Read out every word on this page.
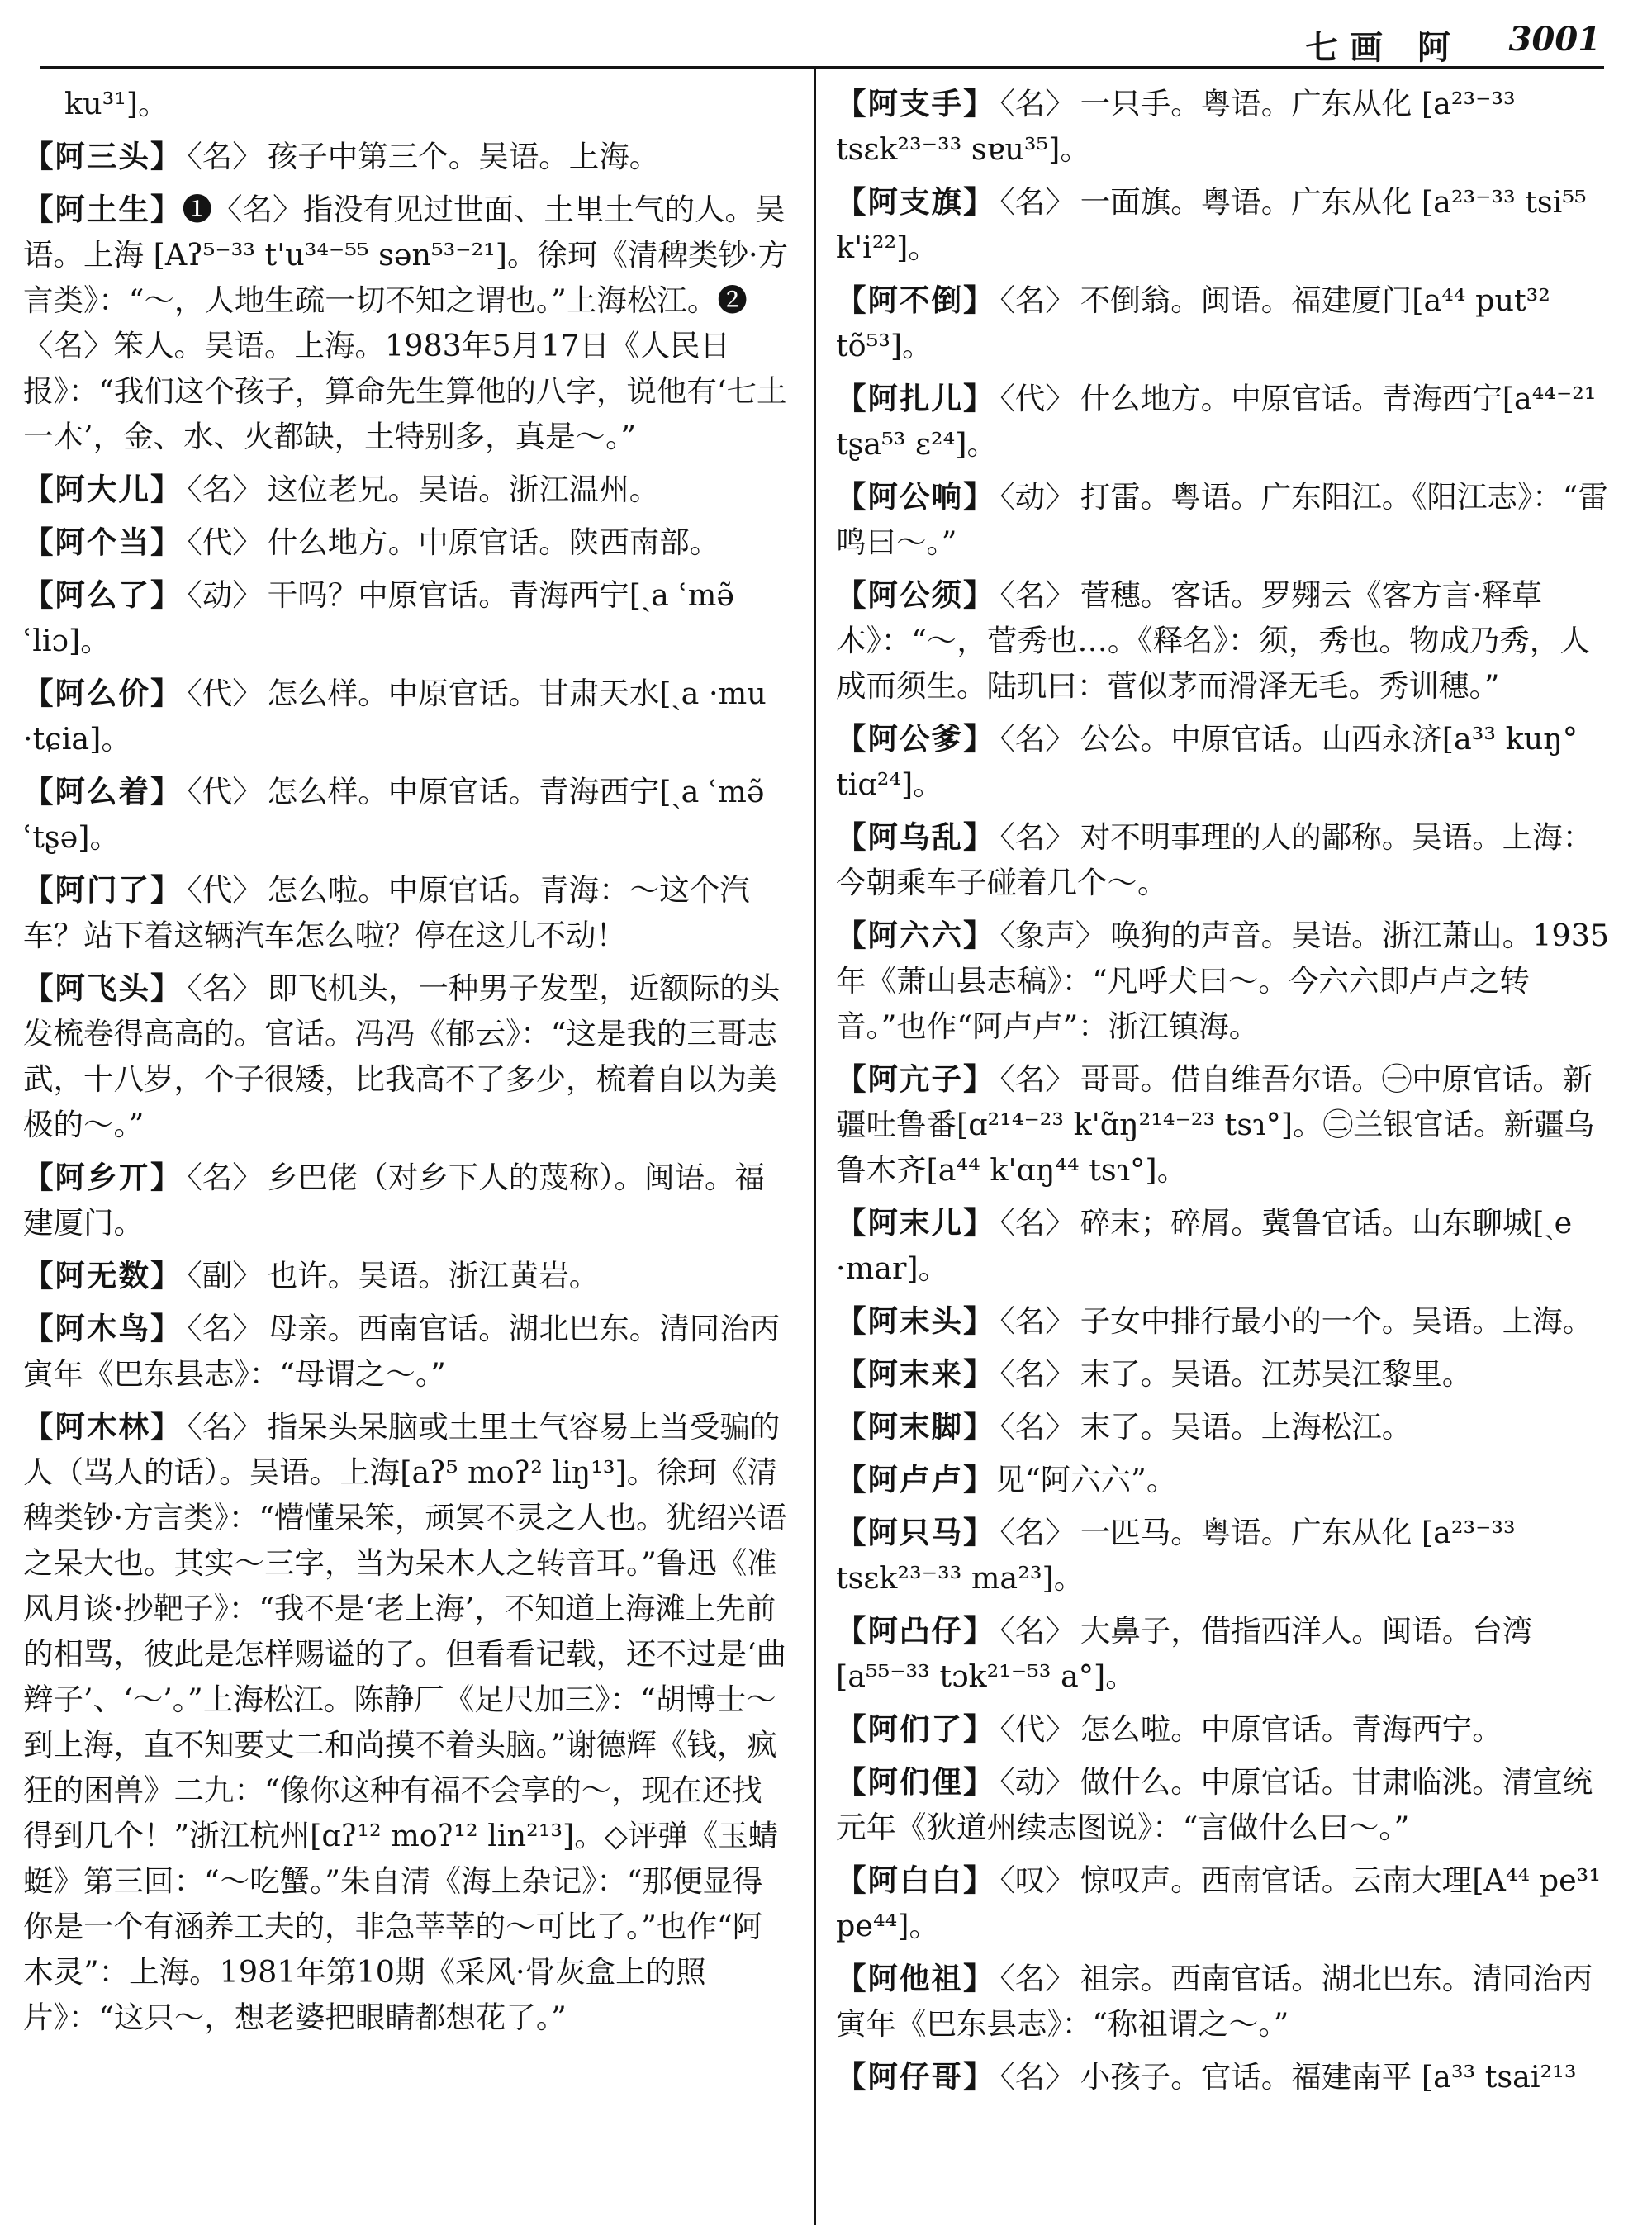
七画 阿 3001
ku³¹]。
【阿三头】 〈名〉 孩子中第三个。吴语。上海。
【阿土生】❶〈名〉指没有见过世面、土里土气的人。吴语。上海 [Aʔ⁵⁻³³ t'u³⁴⁻⁵⁵ sən⁵³⁻²¹]。徐珂《清稗类钞·方言类》：“～，人地生疏一切不知之谓也。”上海松江。❷〈名〉笨人。吴语。上海。1983年5月17日《人民日报》：“我们这个孩子，算命先生算他的八字，说他有‘七土一木’，金、水、火都缺，土特别多，真是～。”
【阿大儿】 〈名〉 这位老兄。吴语。浙江温州。
【阿个当】 〈代〉 什么地方。中原官话。陕西南部。
【阿么了】 〈动〉 干吗？中原官话。青海西宁[ˏa ʿmə̃ ʿliɔ]。
【阿么价】 〈代〉 怎么样。中原官话。甘肃天水[ˏa ·mu ·tɕia]。
【阿么着】 〈代〉 怎么样。中原官话。青海西宁[ˏa ʿmə̃ ʿtʂə]。
【阿门了】 〈代〉 怎么啦。中原官话。青海：～这个汽车？站下着这辆汽车怎么啦？停在这儿不动！
【阿飞头】 〈名〉 即飞机头，一种男子发型，近额际的头发梳卷得高高的。官话。冯冯《郁云》：“这是我的三哥志武，十八岁，个子很矮，比我高不了多少，梳着自以为美极的～。”
【阿乡丌】 〈名〉 乡巴佬（对乡下人的蔑称）。闽语。福建厦门。
【阿无数】 〈副〉 也许。吴语。浙江黄岩。
【阿木鸟】 〈名〉 母亲。西南官话。湖北巴东。清同治丙寅年《巴东县志》：“母谓之～。”
【阿木林】 〈名〉 指呆头呆脑或土里土气容易上当受骗的人（骂人的话）。吴语。上海[aʔ⁵ moʔ² liŋ¹³]。徐珂《清稗类钞·方言类》：“懵懂呆笨，顽冥不灵之人也。犹绍兴语之呆大也。其实～三字，当为呆木人之转音耳。”鲁迅《准风月谈·抄靶子》：“我不是‘老上海’，不知道上海滩上先前的相骂，彼此是怎样赐谥的了。但看看记载，还不过是‘曲辫子’、‘～’。”上海松江。陈静厂《足尺加三》：“胡博士～到上海，直不知要丈二和尚摸不着头脑。”谢德辉《钱，疯狂的困兽》二九：“像你这种有福不会享的～，现在还找得到几个！”浙江杭州[ɑʔ¹² moʔ¹² lin²¹³]。◇评弹《玉蜻蜓》第三回：“～吃蟹。”朱自清《海上杂记》：“那便显得你是一个有涵养工夫的，非急莘莘的～可比了。”也作“阿木灵”：上海。1981年第10期《采风·骨灰盒上的照片》：“这只～，想老婆把眼睛都想花了。”
【阿支手】 〈名〉 一只手。粤语。广东从化 [a²³⁻³³ tsɛk²³⁻³³ sɐu³⁵]。
【阿支旗】 〈名〉 一面旗。粤语。广东从化 [a²³⁻³³ tsi⁵⁵ k'i²²]。
【阿不倒】 〈名〉 不倒翁。闽语。福建厦门[a⁴⁴ put³² tõ⁵³]。
【阿扎儿】 〈代〉 什么地方。中原官话。青海西宁[a⁴⁴⁻²¹ tʂa⁵³ ɛ²⁴]。
【阿公响】 〈动〉 打雷。粤语。广东阳江。《阳江志》：“雷鸣曰～。”
【阿公须】 〈名〉 菅穗。客话。罗翙云《客方言·释草木》：“～，菅秀也…。《释名》：须，秀也。物成乃秀，人成而须生。陆玑曰：菅似茅而滑泽无毛。秀训穗。”
【阿公爹】 〈名〉 公公。中原官话。山西永济[a³³ kuŋ° tiɑ²⁴]。
【阿乌乱】 〈名〉 对不明事理的人的鄙称。吴语。上海：今朝乘车子碰着几个～。
【阿六六】 〈象声〉 唤狗的声音。吴语。浙江萧山。1935年《萧山县志稿》：“凡呼犬曰～。今六六即卢卢之转音。”也作“阿卢卢”：浙江镇海。
【阿亢子】 〈名〉 哥哥。借自维吾尔语。㊀中原官话。新疆吐鲁番[ɑ²¹⁴⁻²³ k'ɑ̃ŋ²¹⁴⁻²³ tsɿ°]。㊁兰银官话。新疆乌鲁木齐[a⁴⁴ k'ɑŋ⁴⁴ tsɿ°]。
【阿末儿】 〈名〉 碎末；碎屑。冀鲁官话。山东聊城[ˏe ·mar]。
【阿末头】 〈名〉 子女中排行最小的一个。吴语。上海。
【阿末来】 〈名〉 末了。吴语。江苏吴江黎里。
【阿末脚】 〈名〉 末了。吴语。上海松江。
【阿卢卢】见“阿六六”。
【阿只马】 〈名〉 一匹马。粤语。广东从化 [a²³⁻³³ tsɛk²³⁻³³ ma²³]。
【阿凸仔】 〈名〉 大鼻子，借指西洋人。闽语。台湾[a⁵⁵⁻³³ tɔk²¹⁻⁵³ a°]。
【阿们了】 〈代〉 怎么啦。中原官话。青海西宁。
【阿们俚】 〈动〉 做什么。中原官话。甘肃临洮。清宣统元年《狄道州续志图说》：“言做什么曰～。”
【阿白白】 〈叹〉 惊叹声。西南官话。云南大理[A⁴⁴ pe³¹ pe⁴⁴]。
【阿他祖】 〈名〉 祖宗。西南官话。湖北巴东。清同治丙寅年《巴东县志》：“称祖谓之～。”
【阿仔哥】 〈名〉 小孩子。官话。福建南平 [a³³ tsai²¹³
